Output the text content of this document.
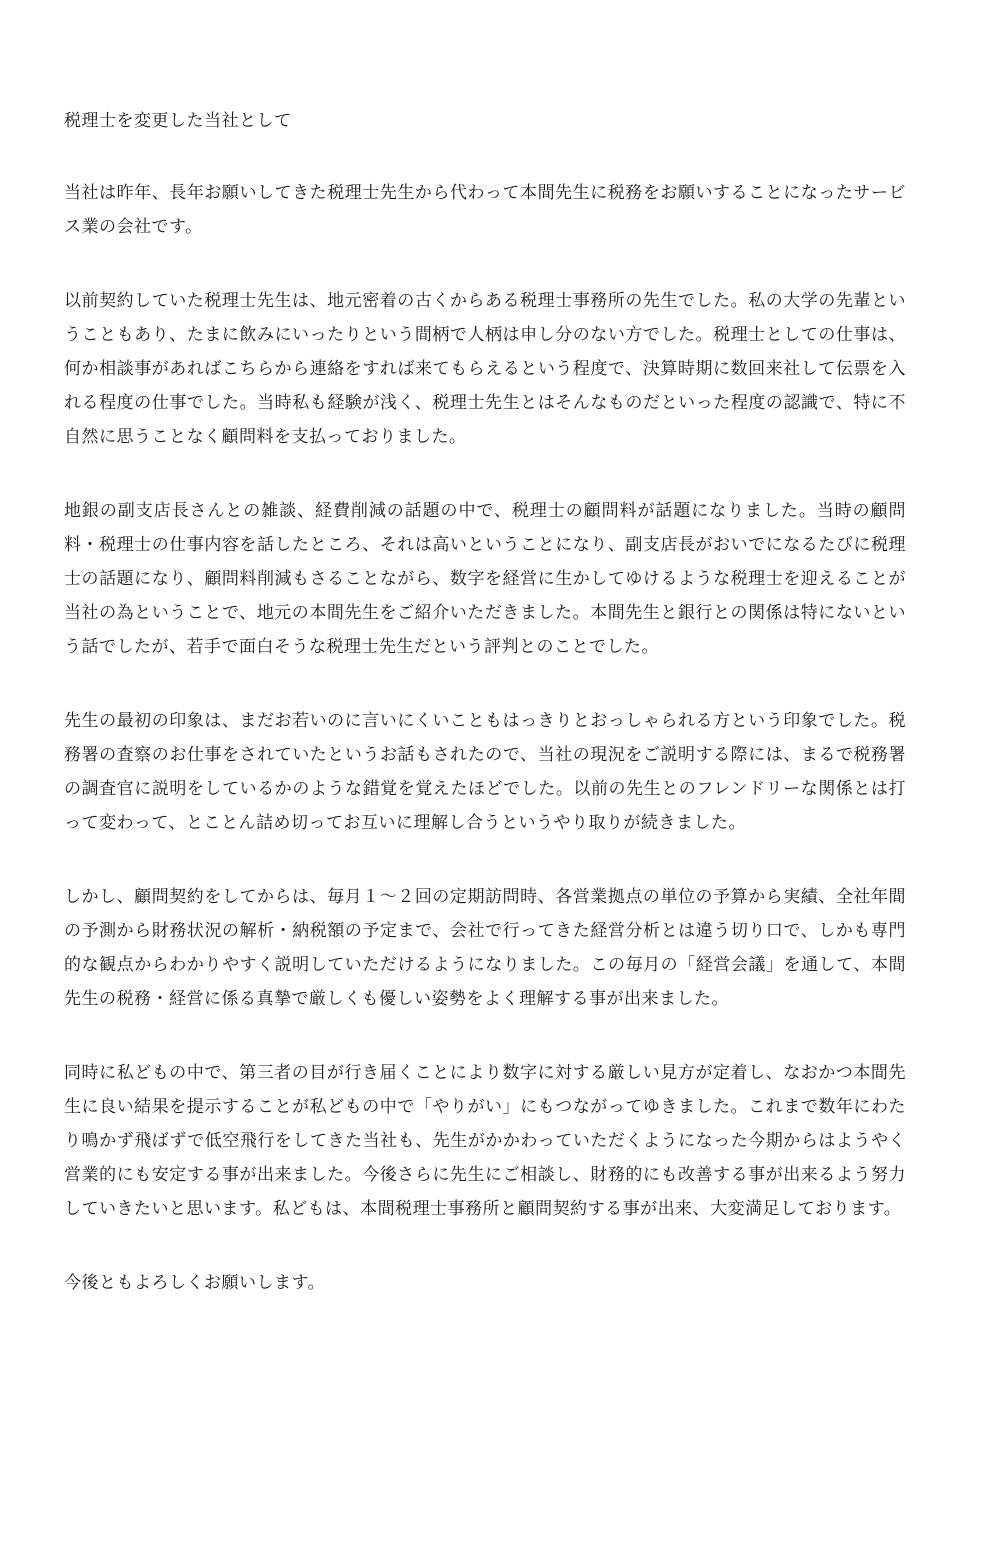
税理士を変更した当社として

当社は昨年、長年お願いしてきた税理士先生から代わって本間先生に税務をお願いすることになったサービス業の会社です。

以前契約していた税理士先生は、地元密着の古くからある税理士事務所の先生でした。私の大学の先輩ということもあり、たまに飲みにいったりという間柄で人柄は申し分のない方でした。税理士としての仕事は、何か相談事があればこちらから連絡をすれば来てもらえるという程度で、決算時期に数回来社して伝票を入れる程度の仕事でした。当時私も経験が浅く、税理士先生とはそんなものだといった程度の認識で、特に不自然に思うことなく顧問料を支払っておりました。

地銀の副支店長さんとの雑談、経費削減の話題の中で、税理士の顧問料が話題になりました。当時の顧問料・税理士の仕事内容を話したところ、それは高いということになり、副支店長がおいでになるたびに税理士の話題になり、顧問料削減もさることながら、数字を経営に生かしてゆけるような税理士を迎えることが当社の為ということで、地元の本間先生をご紹介いただきました。本間先生と銀行との関係は特にないという話でしたが、若手で面白そうな税理士先生だという評判とのことでした。

先生の最初の印象は、まだお若いのに言いにくいこともはっきりとおっしゃられる方という印象でした。税務署の査察のお仕事をされていたというお話もされたので、当社の現況をご説明する際には、まるで税務署の調査官に説明をしているかのような錯覚を覚えたほどでした。以前の先生とのフレンドリーな関係とは打って変わって、とことん詰め切ってお互いに理解し合うというやり取りが続きました。

しかし、顧問契約をしてからは、毎月１～２回の定期訪問時、各営業拠点の単位の予算から実績、全社年間の予測から財務状況の解析・納税額の予定まで、会社で行ってきた経営分析とは違う切り口で、しかも専門的な観点からわかりやすく説明していただけるようになりました。この毎月の「経営会議」を通して、本間先生の税務・経営に係る真摯で厳しくも優しい姿勢をよく理解する事が出来ました。

同時に私どもの中で、第三者の目が行き届くことにより数字に対する厳しい見方が定着し、なおかつ本間先生に良い結果を提示することが私どもの中で「やりがい」にもつながってゆきました。これまで数年にわたり鳴かず飛ばずで低空飛行をしてきた当社も、先生がかかわっていただくようになった今期からはようやく営業的にも安定する事が出来ました。今後さらに先生にご相談し、財務的にも改善する事が出来るよう努力していきたいと思います。私どもは、本間税理士事務所と顧問契約する事が出来、大変満足しております。

今後ともよろしくお願いします。
